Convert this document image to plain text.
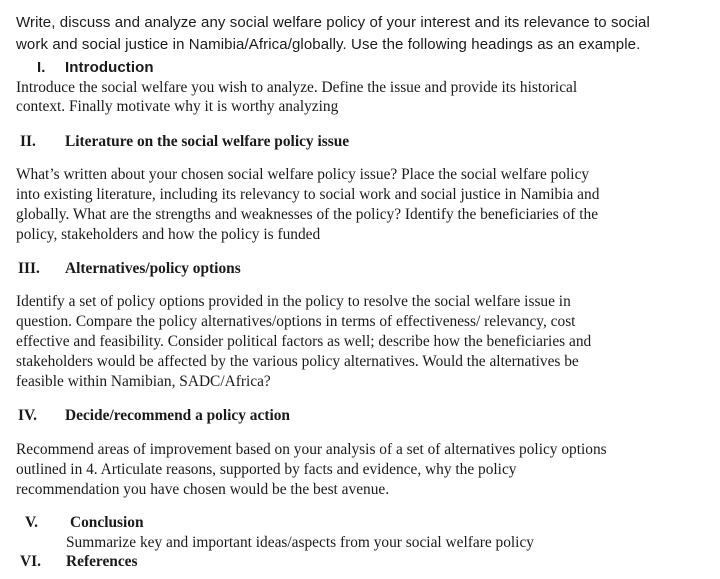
Write, discuss and analyze any social welfare policy of your interest and its relevance to social
work and social justice in Namibia/Africa/globally. Use the following headings as an example.
I. Introduction
Introduce the social welfare you wish to analyze. Define the issue and provide its historical
context. Finally motivate why it is worthy analyzing
II. Literature on the social welfare policy issue
What’s written about your chosen social welfare policy issue? Place the social welfare policy
into existing literature, including its relevancy to social work and social justice in Namibia and
globally. What are the strengths and weaknesses of the policy? Identify the beneficiaries of the
policy, stakeholders and how the policy is funded
III. Alternatives/policy options
Identify a set of policy options provided in the policy to resolve the social welfare issue in
question. Compare the policy alternatives/options in terms of effectiveness/ relevancy, cost
effective and feasibility. Consider political factors as well; describe how the beneficiaries and
stakeholders would be affected by the various policy alternatives. Would the alternatives be
feasible within Namibian, SADC/Africa?
IV. Decide/recommend a policy action
Recommend areas of improvement based on your analysis of a set of alternatives policy options
outlined in 4. Articulate reasons, supported by facts and evidence, why the policy
recommendation you have chosen would be the best avenue.
V. Conclusion
Summarize key and important ideas/aspects from your social welfare policy
VI. References
